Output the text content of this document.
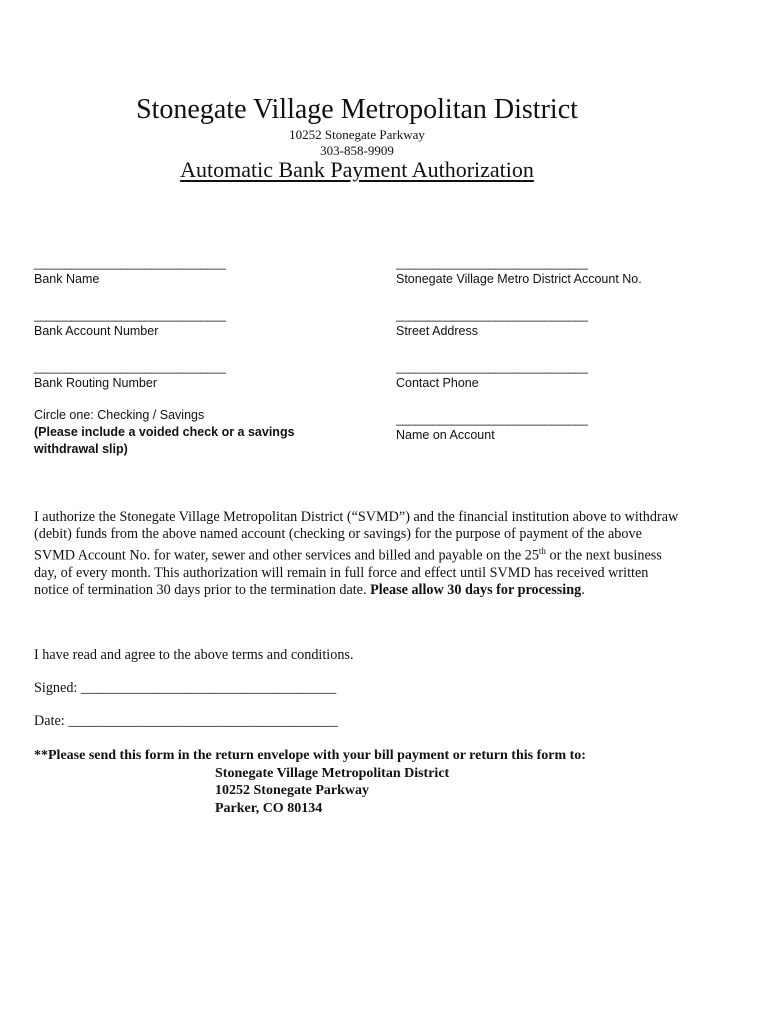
Stonegate Village Metropolitan District
10252 Stonegate Parkway
303-858-9909
Automatic Bank Payment Authorization
_______________________________
Bank Name
_______________________________
Bank Account Number
_______________________________
Bank Routing Number
_______________________________
Stonegate Village Metro District Account No.
_______________________________
Street Address
_______________________________
Contact Phone
_______________________________
Name on Account
Circle one: Checking / Savings
(Please include a voided check or a savings
withdrawal slip)
I authorize the Stonegate Village Metropolitan District (“SVMD”) and the financial institution above to withdraw (debit) funds from the above named account (checking or savings) for the purpose of payment of the above SVMD Account No. for water, sewer and other services and billed and payable on the 25th or the next business day, of every month. This authorization will remain in full force and effect until SVMD has received written notice of termination 30 days prior to the termination date. Please allow 30 days for processing.
I have read and agree to the above terms and conditions.
Signed: ____________________________________
Date: ______________________________________
**Please send this form in the return envelope with your bill payment or return this form to:
Stonegate Village Metropolitan District
10252 Stonegate Parkway
Parker, CO 80134
